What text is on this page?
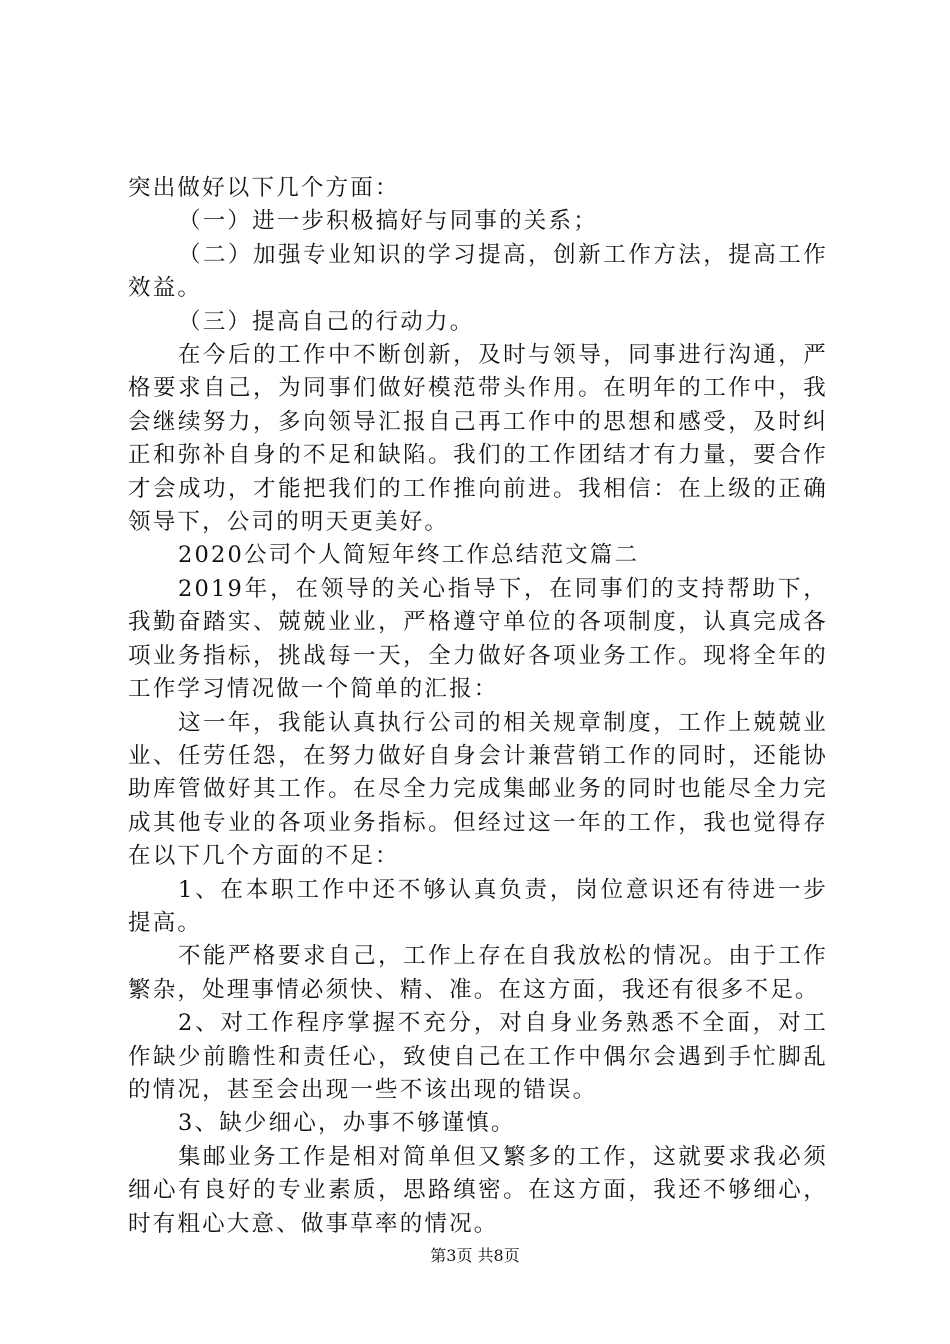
突出做好以下几个方面：

（一）进一步积极搞好与同事的关系；

（二）加强专业知识的学习提高，创新工作方法，提高工作效益。

（三）提高自己的行动力。

在今后的工作中不断创新，及时与领导，同事进行沟通，严格要求自己，为同事们做好模范带头作用。在明年的工作中，我会继续努力，多向领导汇报自己再工作中的思想和感受，及时纠正和弥补自身的不足和缺陷。我们的工作团结才有力量，要合作才会成功，才能把我们的工作推向前进。我相信：在上级的正确领导下，公司的明天更美好。

2020公司个人简短年终工作总结范文篇二

2019年，在领导的关心指导下，在同事们的支持帮助下，我勤奋踏实、兢兢业业，严格遵守单位的各项制度，认真完成各项业务指标，挑战每一天，全力做好各项业务工作。现将全年的工作学习情况做一个简单的汇报：

这一年，我能认真执行公司的相关规章制度，工作上兢兢业业、任劳任怨，在努力做好自身会计兼营销工作的同时，还能协助库管做好其工作。在尽全力完成集邮业务的同时也能尽全力完成其他专业的各项业务指标。但经过这一年的工作，我也觉得存在以下几个方面的不足：

1、在本职工作中还不够认真负责，岗位意识还有待进一步提高。

不能严格要求自己，工作上存在自我放松的情况。由于工作繁杂，处理事情必须快、精、准。在这方面，我还有很多不足。

2、对工作程序掌握不充分，对自身业务熟悉不全面，对工作缺少前瞻性和责任心，致使自己在工作中偶尔会遇到手忙脚乱的情况，甚至会出现一些不该出现的错误。

3、缺少细心，办事不够谨慎。

集邮业务工作是相对简单但又繁多的工作，这就要求我必须细心有良好的专业素质，思路缜密。在这方面，我还不够细心，时有粗心大意、做事草率的情况。

第3页 共8页
